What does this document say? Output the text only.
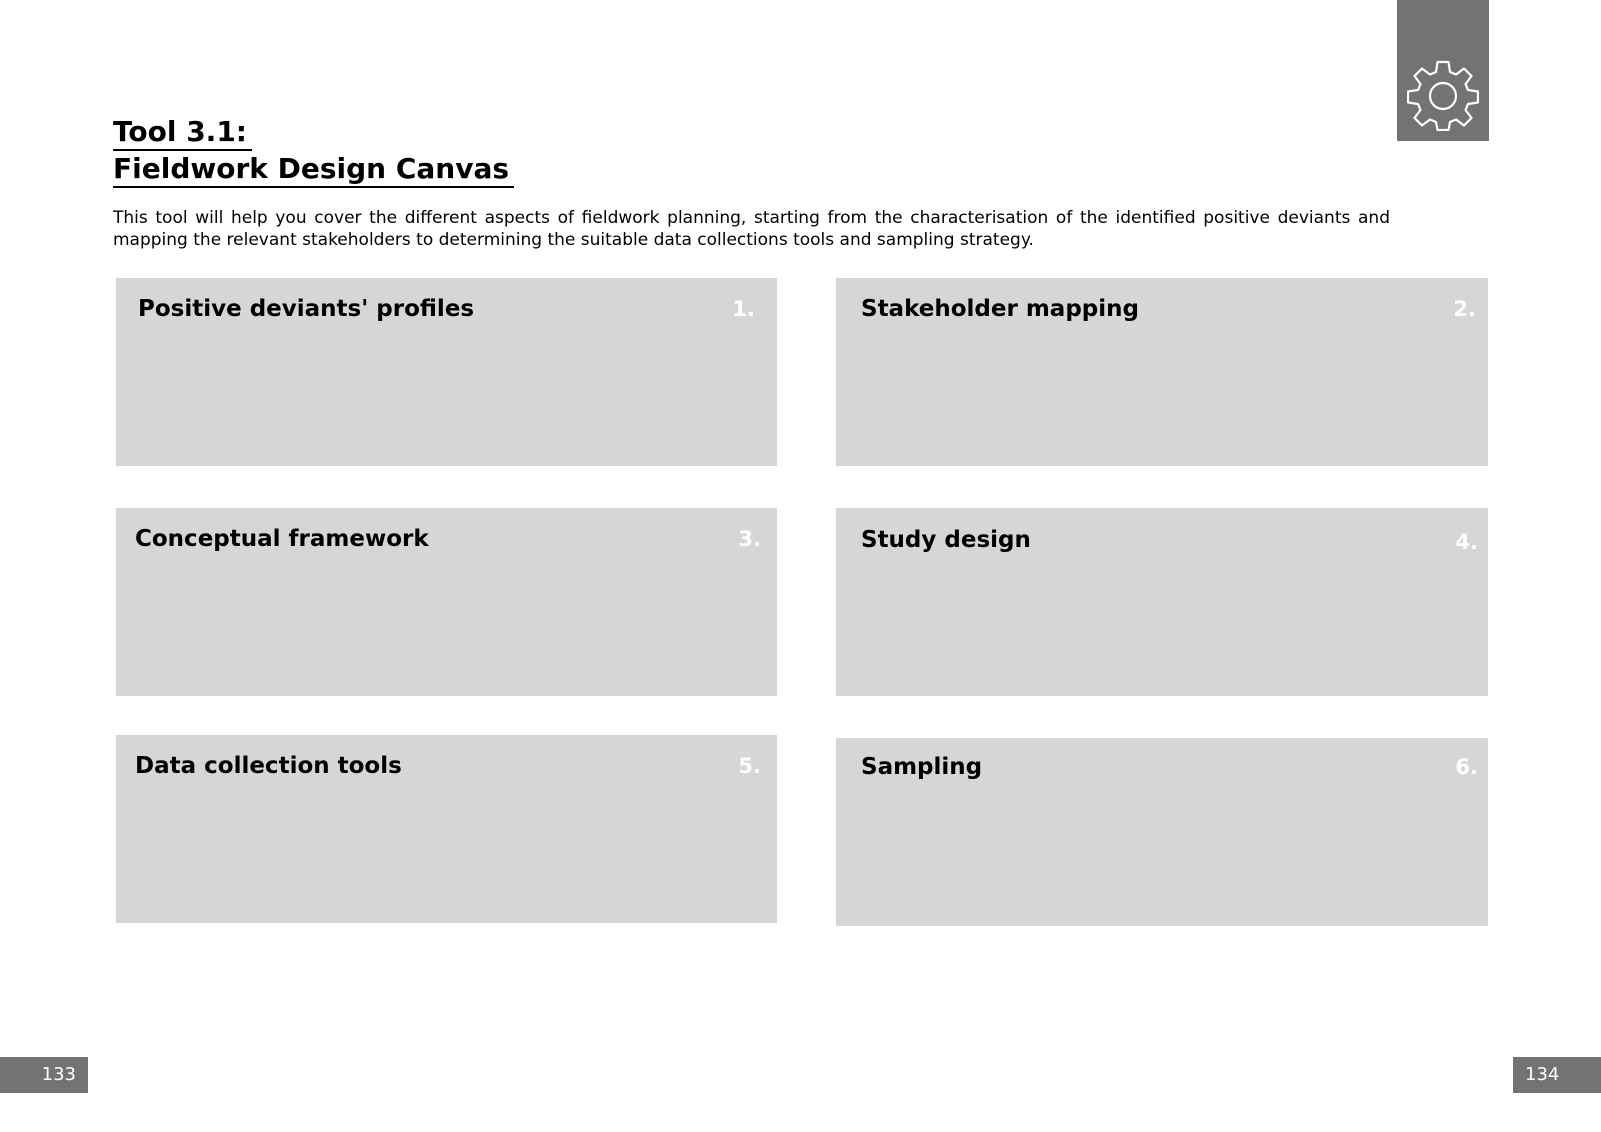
Tool 3.1:
Fieldwork Design Canvas

This tool will help you cover the different aspects of fieldwork planning, starting from the characterisation of the identified positive deviants and mapping the relevant stakeholders to determining the suitable data collections tools and sampling strategy.

Positive deviants' profiles	1.	Stakeholder mapping	2.
Conceptual framework	3.	Study design	4.
Data collection tools	5.	Sampling	6.
133	134
